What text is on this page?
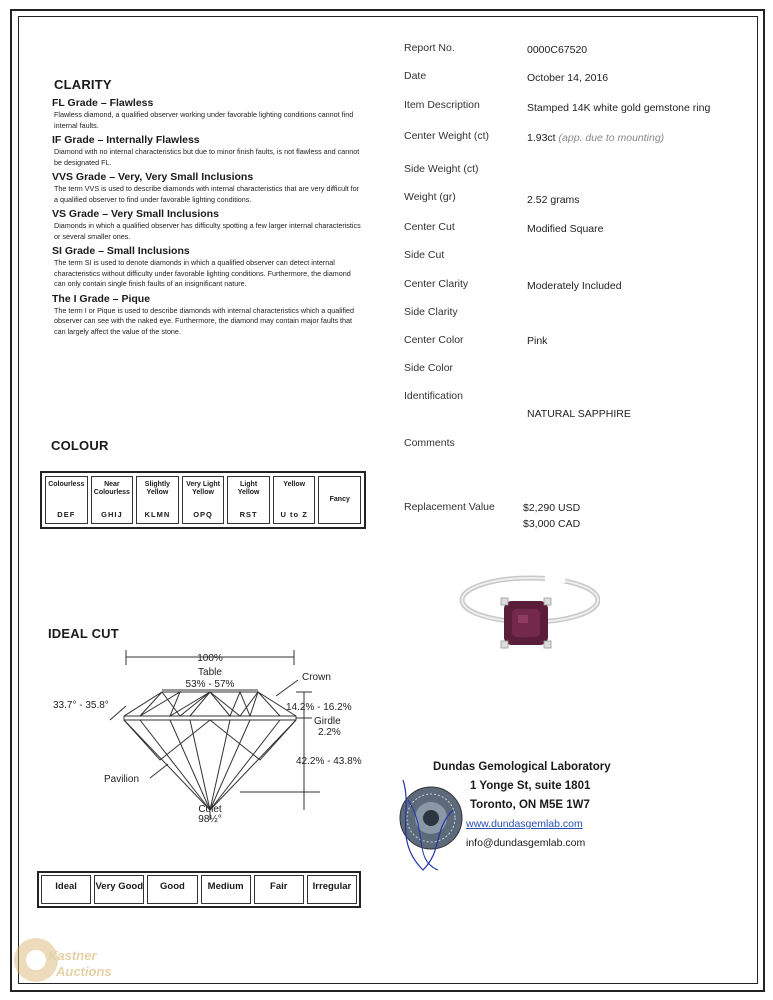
CLARITY
FL Grade – Flawless
Flawless diamond, a qualified observer working under favorable lighting conditions cannot find internal faults.
IF Grade – Internally Flawless
Diamond with no internal characteristics but due to minor finish faults, is not flawless and cannot be designated FL.
VVS Grade – Very, Very Small Inclusions
The term VVS is used to describe diamonds with internal characteristics that are very difficult for a qualified observer to find under favorable lighting conditions.
VS Grade – Very Small Inclusions
Diamonds in which a qualified observer has difficulty spotting a few larger internal characteristics or several smaller ones.
SI Grade – Small Inclusions
The term SI is used to denote diamonds in which a qualified observer can detect internal characteristics without difficulty under favorable lighting conditions. Furthermore, the diamond can only contain single finish faults of an insignificant nature.
The I Grade – Pique
The term I or Pique is used to describe diamonds with internal characteristics which a qualified observer can see with the naked eye. Furthermore, the diamond may contain major faults that can largely affect the value of the stone.
COLOUR
Colourless
DEF
Near Colourless
GHIJ
Slightly Yellow
KLMN
Very Light Yellow
OPQ
Light Yellow
RST
Yellow
U to Z
Fancy
IDEAL CUT
100%
Table
53% - 57%
Crown
33.7° - 35.8°	14.2% - 16.2%
Girdle
2.2%
42.2% - 43.8%
Pavilion
Culet
98½°
Ideal	Very Good	Good	Medium	Fair	Irregular
Report No.	0000C67520
Date	October 14, 2016
Item Description	Stamped 14K white gold gemstone ring
Center Weight (ct)	1.93ct (app. due to mounting)
Side Weight (ct)
Weight (gr)	2.52 grams
Center Cut	Modified Square
Side Cut
Center Clarity	Moderately Included
Side Clarity
Center Color	Pink
Side Color
Identification
NATURAL SAPPHIRE
Comments
Replacement Value	$2,290 USD
$3,000 CAD
Dundas Gemological Laboratory
1 Yonge St, suite 1801
Toronto, ON M5E 1W7
www.dundasgemlab.com
info@dundasgemlab.com
Kastner
Auctions
